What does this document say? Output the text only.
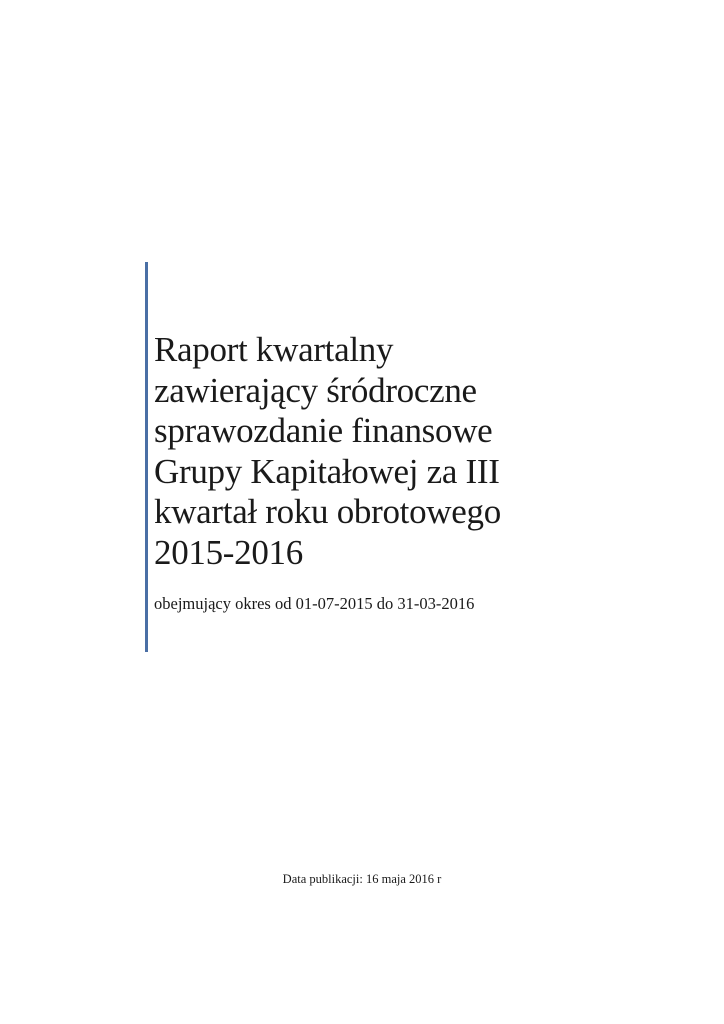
Raport kwartalny
zawierający śródroczne
sprawozdanie finansowe
Grupy Kapitałowej za III
kwartał roku obrotowego
2015-2016
obejmujący okres od 01-07-2015 do 31-03-2016
Data publikacji: 16 maja 2016 r
